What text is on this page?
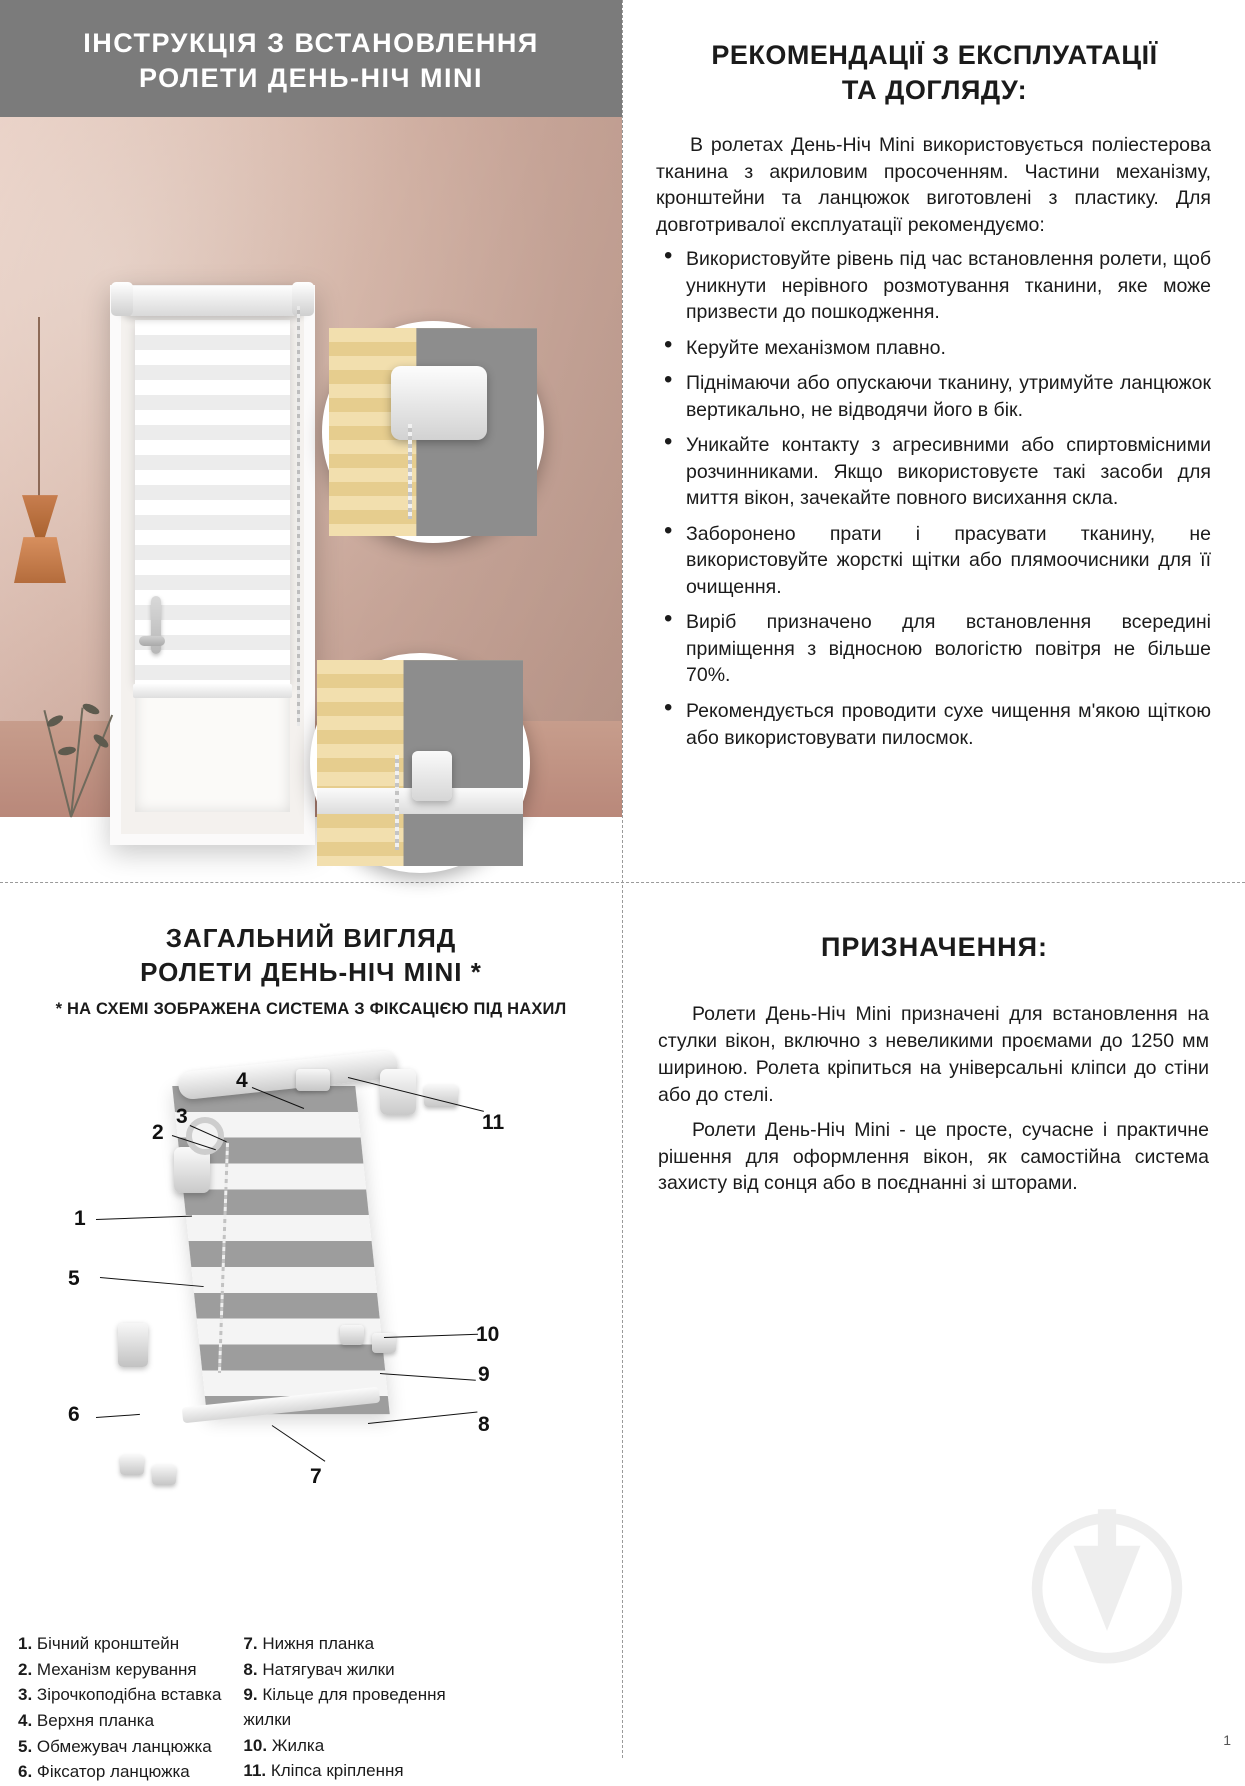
ІНСТРУКЦІЯ З ВСТАНОВЛЕННЯ
РОЛЕТИ ДЕНЬ-НІЧ MINI
РЕКОМЕНДАЦІЇ З ЕКСПЛУАТАЦІЇ
ТА ДОГЛЯДУ:

В ролетах День-Ніч Mini використовується поліестерова тканина з акриловим просоченням. Частини механізму, кронштейни та ланцюжок виготовлені з пластику. Для довготривалої експлуатації рекомендуємо:

• Використовуйте рівень під час встановлення ролети, щоб уникнути нерівного розмотування тканини, яке може призвести до пошкодження.
• Керуйте механізмом плавно.
• Піднімаючи або опускаючи тканину, утримуйте ланцюжок вертикально, не відводячи його в бік.
• Уникайте контакту з агресивними або спиртовмісними розчинниками. Якщо використовуєте такі засоби для миття вікон, зачекайте повного висихання скла.
• Заборонено прати і прасувати тканину, не використовуйте жорсткі щітки або плямоочисники для її очищення.
• Виріб призначено для встановлення всередині приміщення з відносною вологістю повітря не більше 70%.
• Рекомендується проводити сухе чищення м'якою щіткою або використовувати пилосмок.
ЗАГАЛЬНИЙ ВИГЛЯД
РОЛЕТИ ДЕНЬ-НІЧ MINI *
* НА СХЕМІ ЗОБРАЖЕНА СИСТЕМА З ФІКСАЦІЄЮ ПІД НАХИЛ
1
2
3
4
5
6
7
8
9
10
11
1. Бічний кронштейн
2. Механізм керування
3. Зірочкоподібна вставка
4. Верхня планка
5. Обмежувач ланцюжка
6. Фіксатор ланцюжка
7. Нижня планка
8. Натягувач жилки
9. Кільце для проведення жилки
10. Жилка
11. Кліпса кріплення
ПРИЗНАЧЕННЯ:

Ролети День-Ніч Mini призначені для встановлення на стулки вікон, включно з невеликими проємами до 1250 мм шириною. Ролета кріпиться на універсальні кліпси до стіни або до стелі.

Ролети День-Ніч Mini - це просте, сучасне і практичне рішення для оформлення вікон, як самостійна система захисту від сонця або в поєднанні зі шторами.

1
